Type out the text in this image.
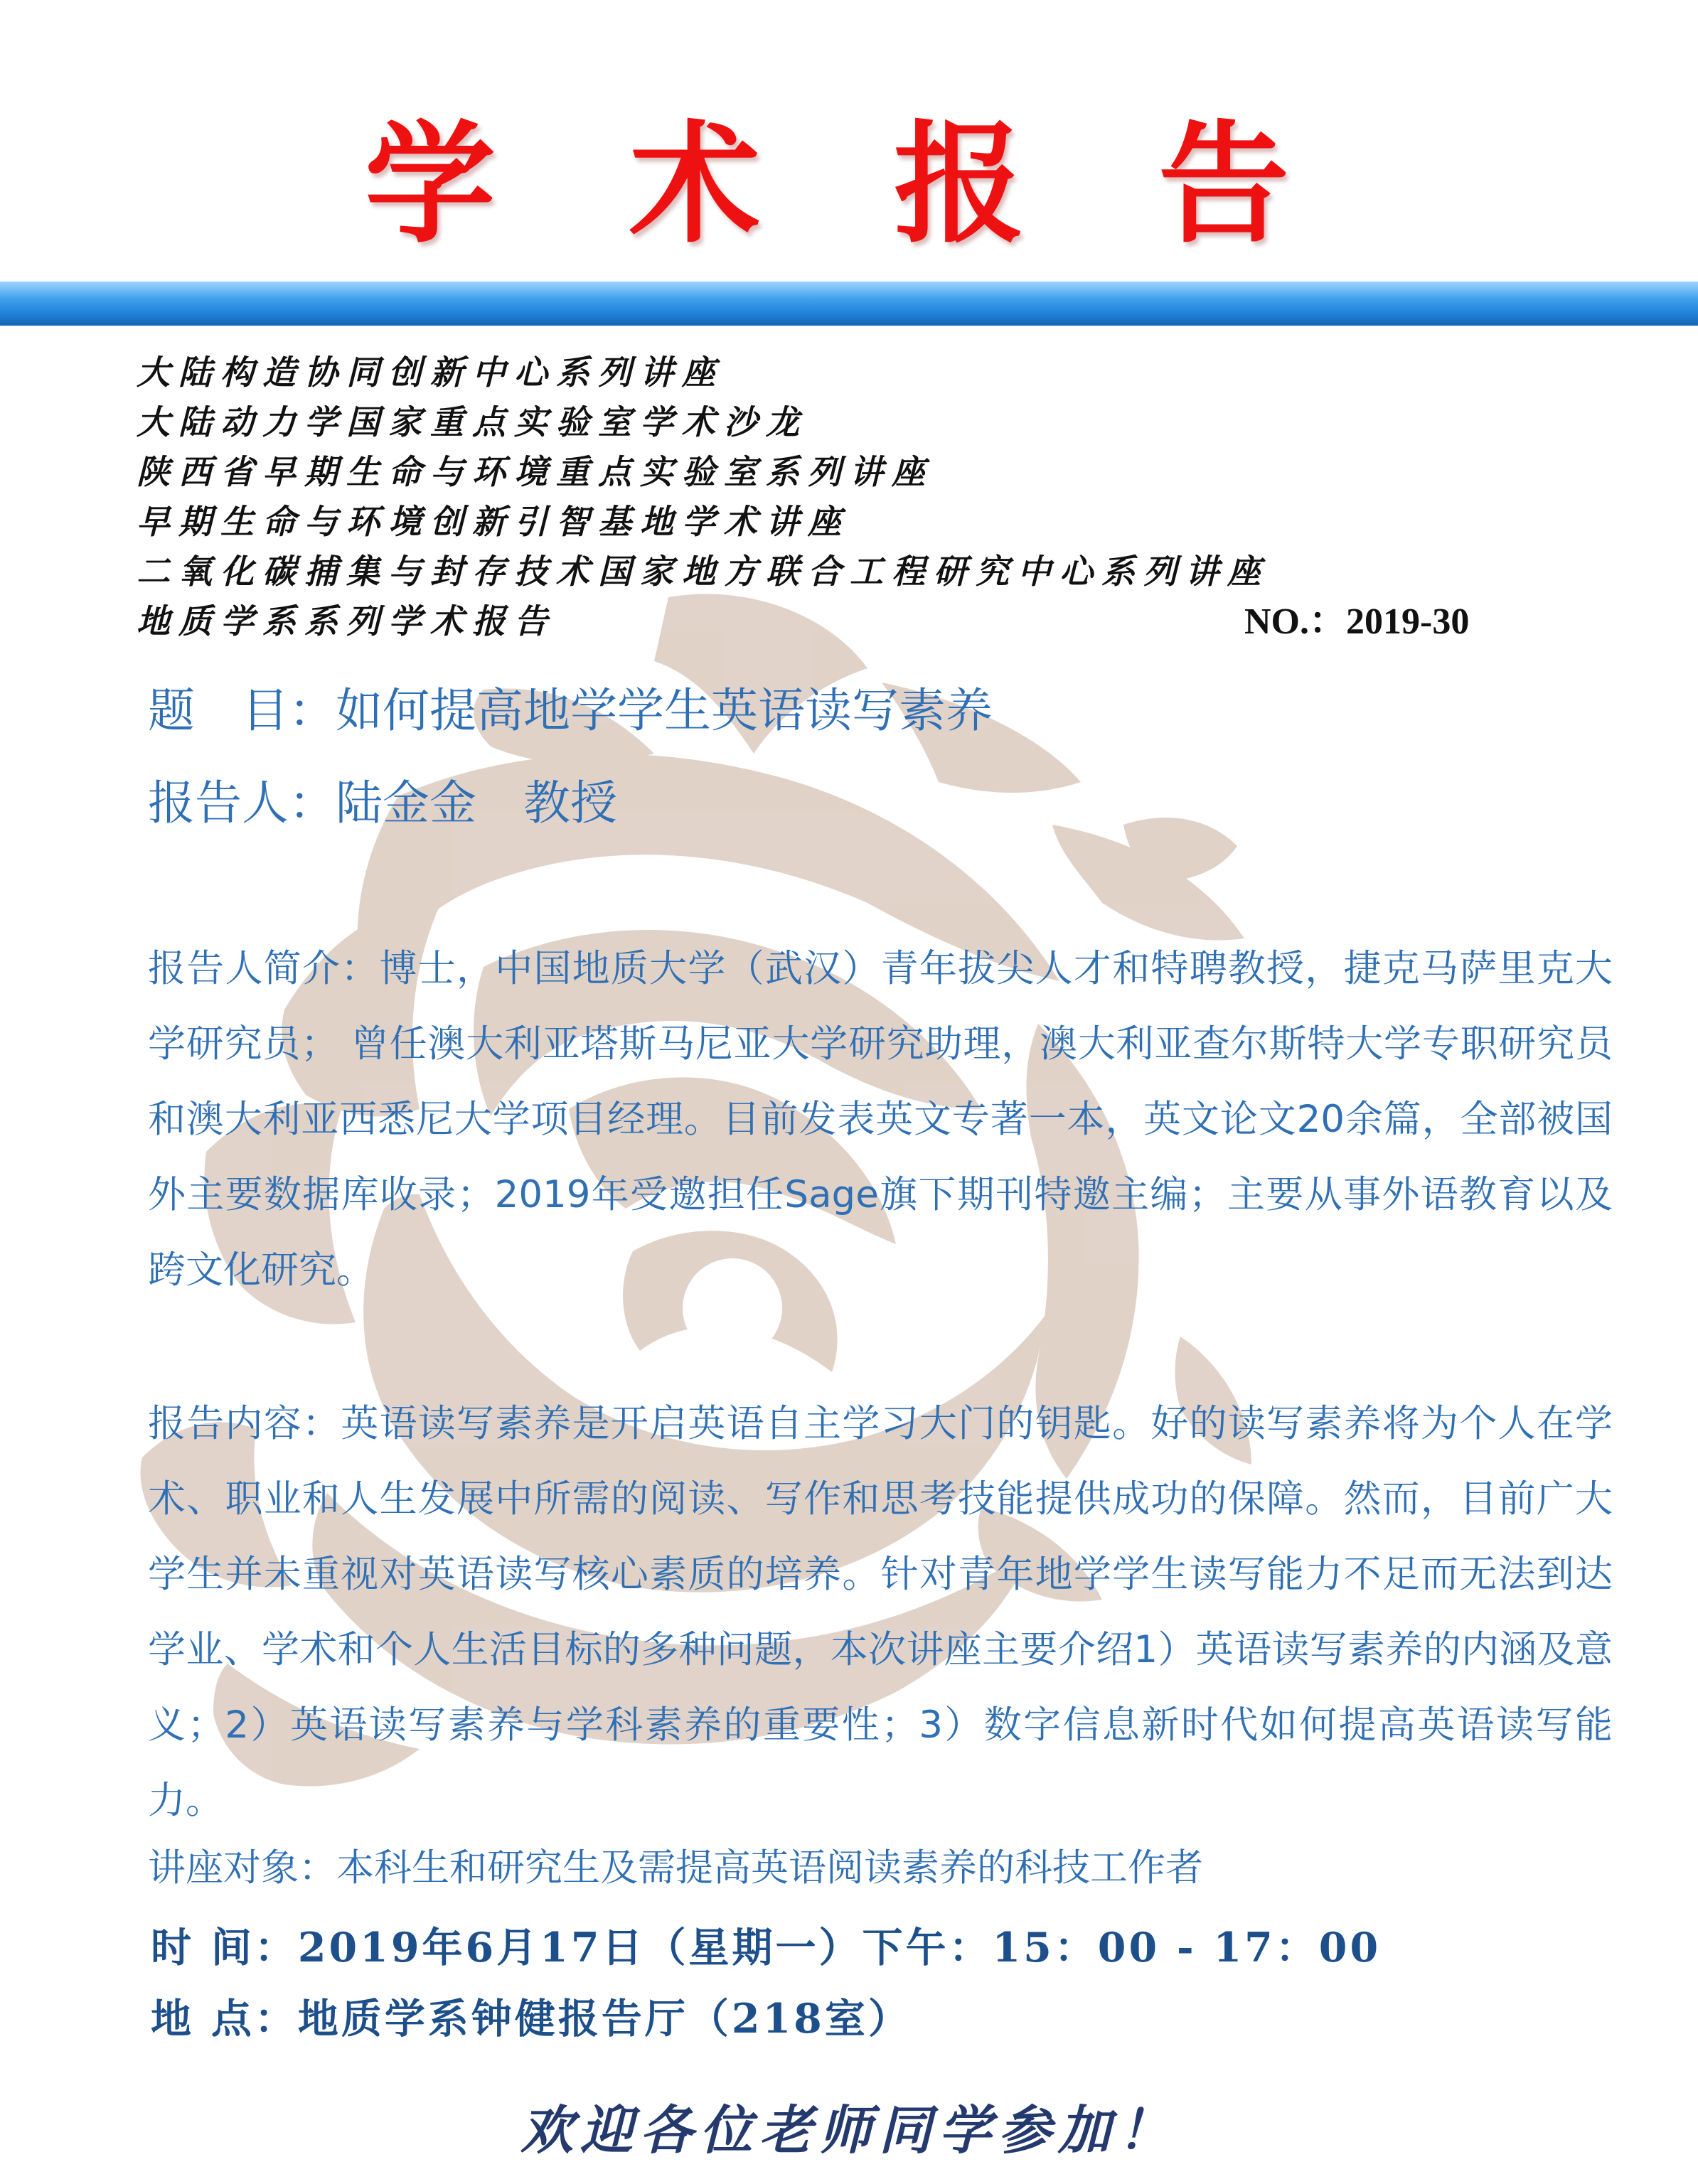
学 术 报 告
大陆构造协同创新中心系列讲座
大陆动力学国家重点实验室学术沙龙
陕西省早期生命与环境重点实验室系列讲座
早期生命与环境创新引智基地学术讲座
二氧化碳捕集与封存技术国家地方联合工程研究中心系列讲座
地质学系系列学术报告	NO.：2019-30
题　目：如何提高地学学生英语读写素养
报告人：陆金金　教授
报告人简介：博士，中国地质大学（武汉）青年拔尖人才和特聘教授，捷克马萨里克大学研究员； 曾任澳大利亚塔斯马尼亚大学研究助理，澳大利亚查尔斯特大学专职研究员和澳大利亚西悉尼大学项目经理。目前发表英文专著一本，英文论文20余篇，全部被国外主要数据库收录；2019年受邀担任Sage旗下期刊特邀主编；主要从事外语教育以及跨文化研究。
报告内容：英语读写素养是开启英语自主学习大门的钥匙。好的读写素养将为个人在学术、职业和人生发展中所需的阅读、写作和思考技能提供成功的保障。然而，目前广大学生并未重视对英语读写核心素质的培养。针对青年地学学生读写能力不足而无法到达学业、学术和个人生活目标的多种问题，本次讲座主要介绍1）英语读写素养的内涵及意义；2）英语读写素养与学科素养的重要性；3）数字信息新时代如何提高英语读写能力。
讲座对象：本科生和研究生及需提高英语阅读素养的科技工作者
时 间：2019年6月17日（星期一）下午：15：00 - 17：00
地 点：地质学系钟健报告厅（218室）
欢迎各位老师同学参加！
